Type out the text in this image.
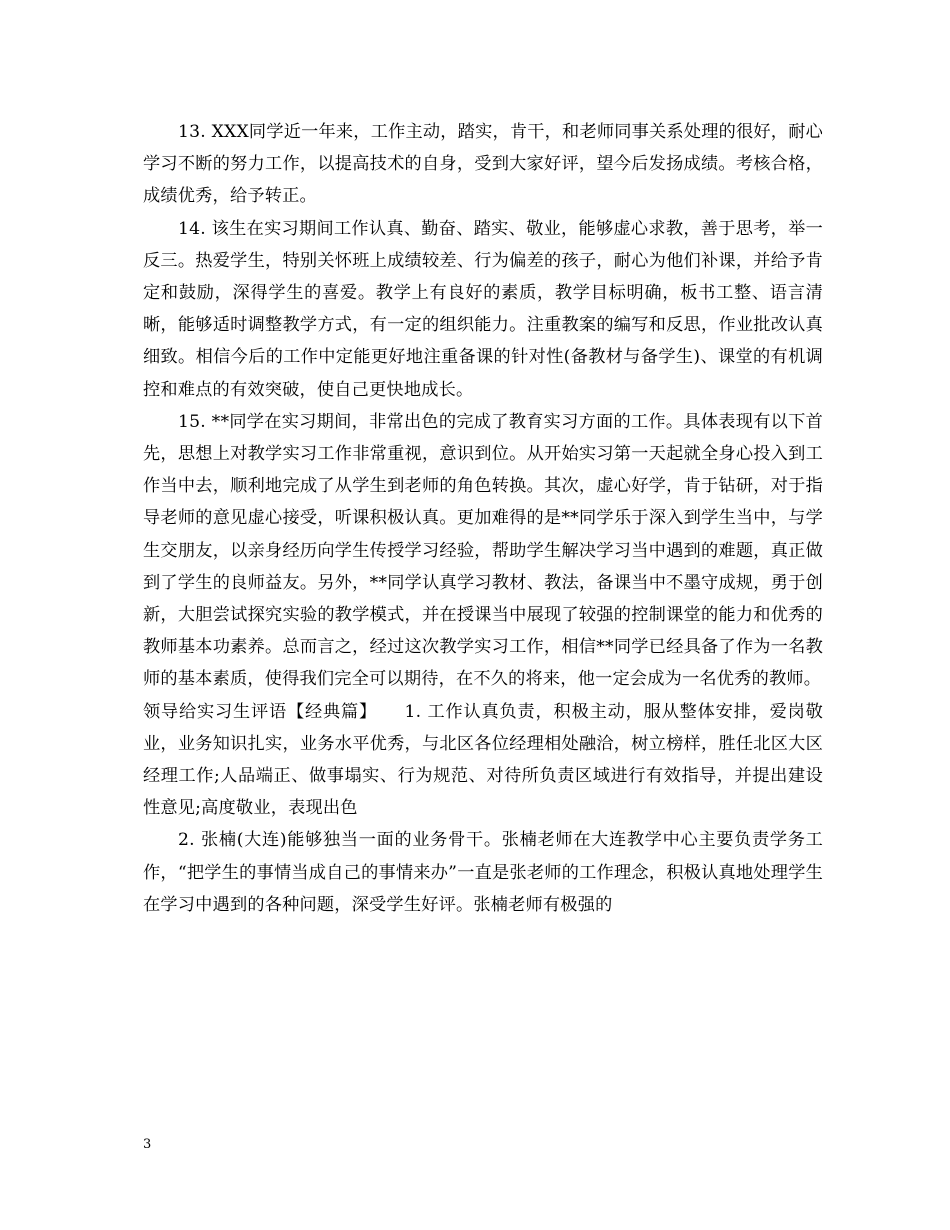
13. XXX同学近一年来，工作主动，踏实，肯干，和老师同事关系处理的很好，耐心学习不断的努力工作，以提高技术的自身，受到大家好评，望今后发扬成绩。考核合格，成绩优秀，给予转正。

14. 该生在实习期间工作认真、勤奋、踏实、敬业，能够虚心求教，善于思考，举一反三。热爱学生，特别关怀班上成绩较差、行为偏差的孩子，耐心为他们补课，并给予肯定和鼓励，深得学生的喜爱。教学上有良好的素质，教学目标明确，板书工整、语言清晰，能够适时调整教学方式，有一定的组织能力。注重教案的编写和反思，作业批改认真细致。相信今后的工作中定能更好地注重备课的针对性(备教材与备学生)、课堂的有机调控和难点的有效突破，使自己更快地成长。

15. **同学在实习期间，非常出色的完成了教育实习方面的工作。具体表现有以下首先，思想上对教学实习工作非常重视，意识到位。从开始实习第一天起就全身心投入到工作当中去，顺利地完成了从学生到老师的角色转换。其次，虚心好学，肯于钻研，对于指导老师的意见虚心接受，听课积极认真。更加难得的是**同学乐于深入到学生当中，与学生交朋友，以亲身经历向学生传授学习经验，帮助学生解决学习当中遇到的难题，真正做到了学生的良师益友。另外，**同学认真学习教材、教法，备课当中不墨守成规，勇于创新，大胆尝试探究实验的教学模式，并在授课当中展现了较强的控制课堂的能力和优秀的教师基本功素养。总而言之，经过这次教学实习工作，相信**同学已经具备了作为一名教师的基本素质，使得我们完全可以期待，在不久的将来，他一定会成为一名优秀的教师。

领导给实习生评语【经典篇】　　1. 工作认真负责，积极主动，服从整体安排，爱岗敬业，业务知识扎实，业务水平优秀，与北区各位经理相处融洽，树立榜样，胜任北区大区经理工作;人品端正、做事塌实、行为规范、对待所负责区域进行有效指导，并提出建设性意见;高度敬业，表现出色

2. 张楠(大连)能够独当一面的业务骨干。张楠老师在大连教学中心主要负责学务工作，“把学生的事情当成自己的事情来办”一直是张老师的工作理念，积极认真地处理学生在学习中遇到的各种问题，深受学生好评。张楠老师有极强的

3
